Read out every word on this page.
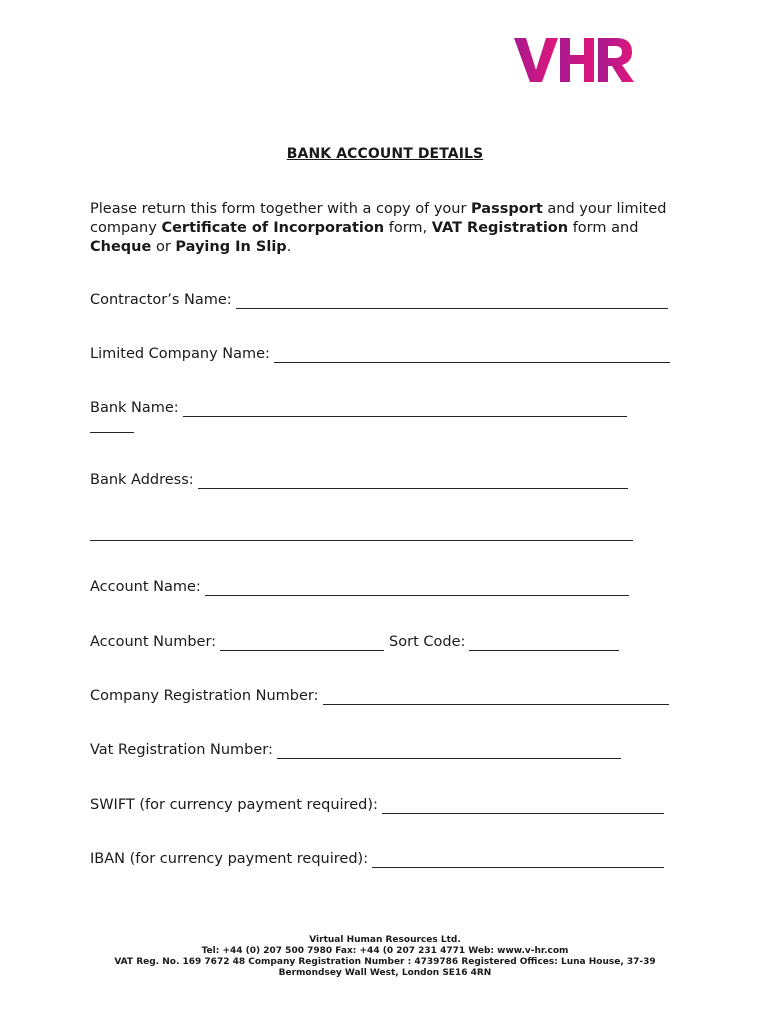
BANK ACCOUNT DETAILS
Please return this form together with a copy of your Passport and your limited company Certificate of Incorporation form, VAT Registration form and Cheque or Paying In Slip.
Contractor’s Name:
Limited Company Name:
Bank Name:
Bank Address:
Account Name:
Account Number:	Sort Code:
Company Registration Number:
Vat Registration Number:
SWIFT (for currency payment required):
IBAN (for currency payment required):
Virtual Human Resources Ltd.
Tel: +44 (0) 207 500 7980 Fax: +44 (0 207 231 4771 Web: www.v-hr.com
VAT Reg. No. 169 7672 48 Company Registration Number : 4739786 Registered Offices: Luna House, 37-39
Bermondsey Wall West, London SE16 4RN
